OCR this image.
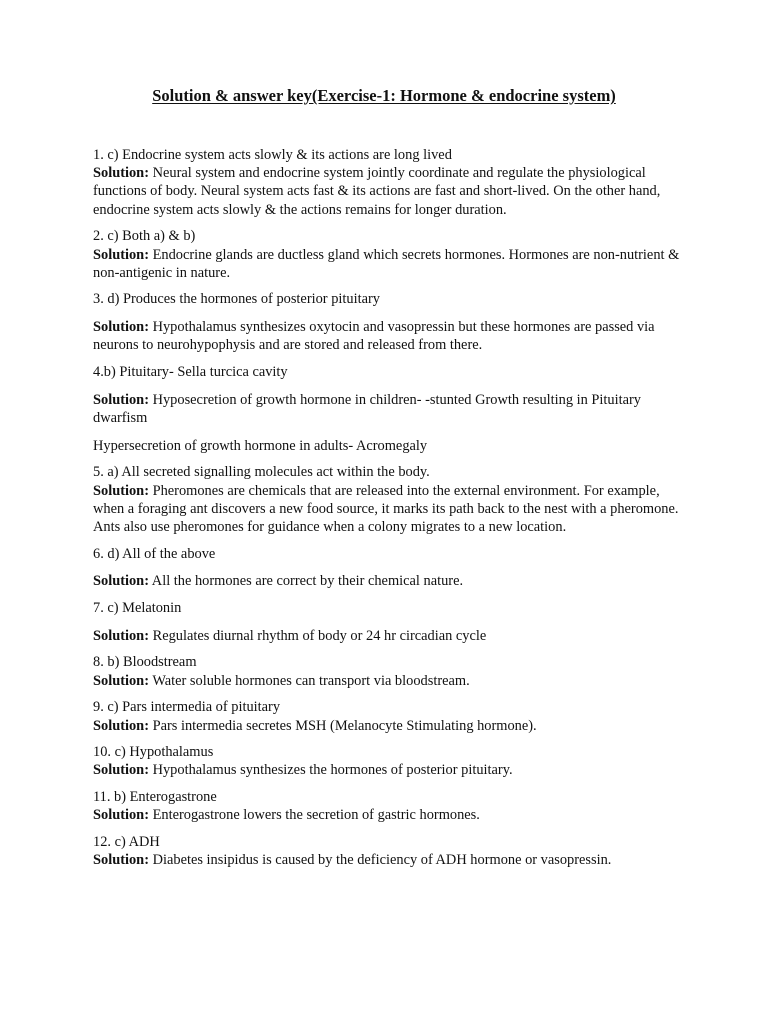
Solution & answer key(Exercise-1: Hormone & endocrine system)

1. c) Endocrine system acts slowly & its actions are long lived

Solution: Neural system and endocrine system jointly coordinate and regulate the physiological functions of body. Neural system acts fast & its actions are fast and short-lived. On the other hand, endocrine system acts slowly & the actions remains for longer duration.

2. c) Both a) & b)

Solution: Endocrine glands are ductless gland which secrets hormones. Hormones are non-nutrient & non-antigenic in nature.

3. d) Produces the hormones of posterior pituitary

Solution: Hypothalamus synthesizes oxytocin and vasopressin but these hormones are passed via neurons to neurohypophysis and are stored and released from there.

4.b) Pituitary- Sella turcica cavity

Solution: Hyposecretion of growth hormone in children- -stunted Growth resulting in Pituitary dwarfism

Hypersecretion of growth hormone in adults- Acromegaly

5. a) All secreted signalling molecules act within the body.

Solution: Pheromones are chemicals that are released into the external environment. For example, when a foraging ant discovers a new food source, it marks its path back to the nest with a pheromone. Ants also use pheromones for guidance when a colony migrates to a new location.

6. d) All of the above

Solution: All the hormones are correct by their chemical nature.

7. c) Melatonin

Solution: Regulates diurnal rhythm of body or 24 hr circadian cycle

8. b) Bloodstream

Solution: Water soluble hormones can transport via bloodstream.

9. c) Pars intermedia of pituitary

Solution: Pars intermedia secretes MSH (Melanocyte Stimulating hormone).

10. c) Hypothalamus

Solution: Hypothalamus synthesizes the hormones of posterior pituitary.

11. b) Enterogastrone

Solution: Enterogastrone lowers the secretion of gastric hormones.

12. c) ADH

Solution: Diabetes insipidus is caused by the deficiency of ADH hormone or vasopressin.
